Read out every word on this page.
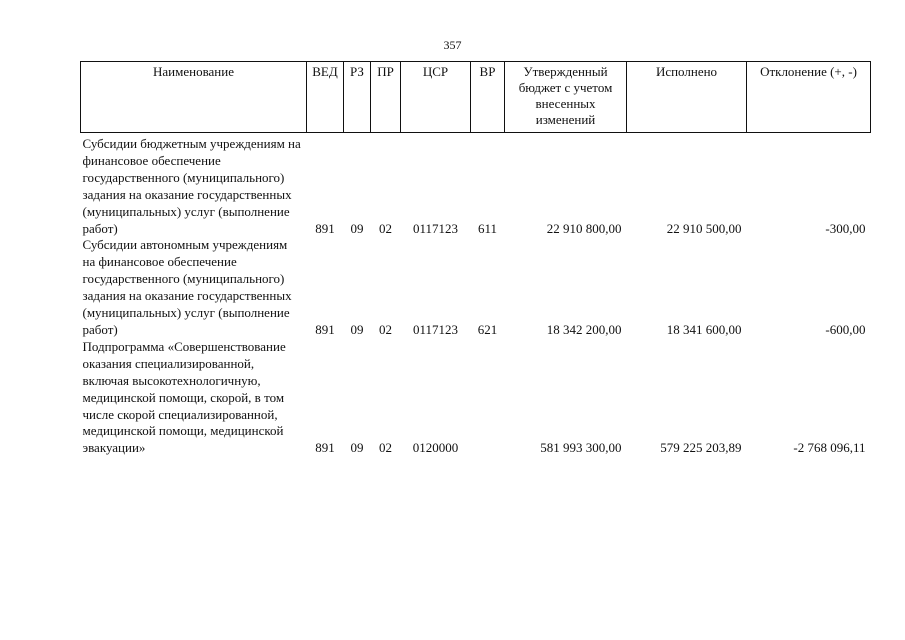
357
Наименование	ВЕД	РЗ	ПР	ЦСР	ВР	Утвержденный бюджет с учетом внесенных изменений	Исполнено	Отклонение (+, -)
Субсидии бюджетным учреждениям на финансовое обеспечение государственного (муниципального) задания на оказание государственных (муниципальных) услуг (выполнение работ)	891	09	02	0117123	611	22 910 800,00	22 910 500,00	-300,00
Субсидии автономным учреждениям на финансовое обеспечение государственного (муниципального) задания на оказание государственных (муниципальных) услуг (выполнение работ)	891	09	02	0117123	621	18 342 200,00	18 341 600,00	-600,00
Подпрограмма «Совершенствование оказания специализированной, включая высокотехнологичную, медицинской помощи, скорой, в том числе скорой специализированной, медицинской помощи, медицинской эвакуации»	891	09	02	0120000		581 993 300,00	579 225 203,89	-2 768 096,11
